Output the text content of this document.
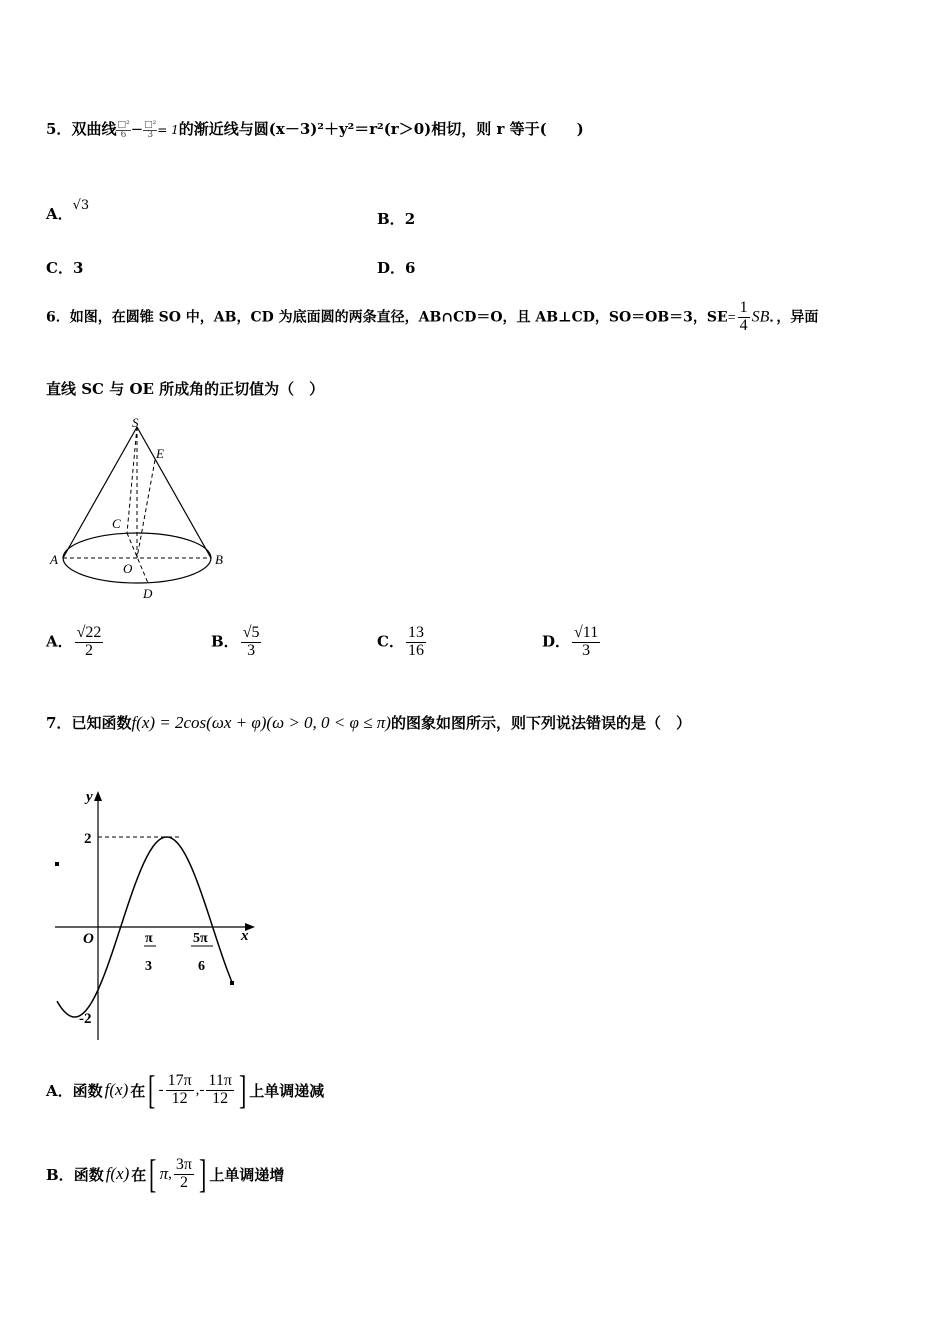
5．双曲线 $\frac{\text{□²}}{6} - \frac{\text{□²}}{3} = 1$的渐近线与圆(x－3)²＋y²＝r²(r＞0)相切，则 r 等于(　　)
A．√3
B．2
C．3	D．6
6．如图，在圆锥 SO 中，AB，CD 为底面圆的两条直径，AB∩CD＝O，且 AB⊥CD，SO＝OB＝3，$SE= \frac{1}{4}$ SB．，异面
直线 SC 与 OE 所成角的正切值为（　）
S
E
C
A
O
B
D
A． $\frac{√22}{2}$	B． $\frac{√5}{3}$	C． $\frac{13}{16}$	D． $\frac{√11}{3}$
7．已知函数f(x) = 2cos(ωx + φ)(ω > 0, 0 < φ ≤ π)的图象如图所示，则下列说法错误的是（　）
y
x
O
2
-2
π
3
5π
6
A． 函数 f(x) 在 [ - $\frac{17\pi}{12}$ , - $\frac{11\pi}{12}$ ] 上单调递减
B． 函数 f(x) 在 [ π , $\frac{3\pi}{2}$ ] 上单调递增
